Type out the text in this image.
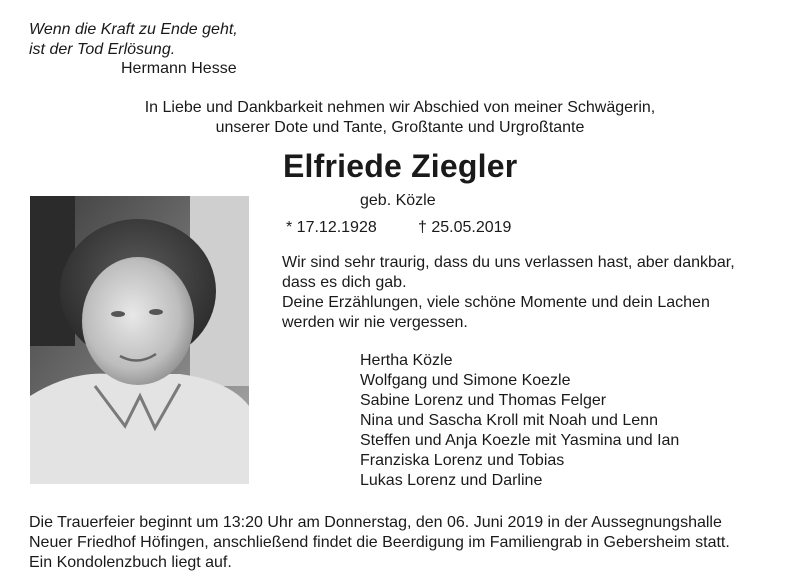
Wenn die Kraft zu Ende geht,
ist der Tod Erlösung.
Hermann Hesse
In Liebe und Dankbarkeit nehmen wir Abschied von meiner Schwägerin,
unserer Dote und Tante, Großtante und Urgroßtante
Elfriede Ziegler
geb. Közle
* 17.12.1928	† 25.05.2019
Wir sind sehr traurig, dass du uns verlassen hast, aber dankbar,
dass es dich gab.
Deine Erzählungen, viele schöne Momente und dein Lachen
werden wir nie vergessen.
Hertha Közle
Wolfgang und Simone Koezle
Sabine Lorenz und Thomas Felger
Nina und Sascha Kroll mit Noah und Lenn
Steffen und Anja Koezle mit Yasmina und Ian
Franziska Lorenz und Tobias
Lukas Lorenz und Darline
Die Trauerfeier beginnt um 13:20 Uhr am Donnerstag, den 06. Juni 2019 in der Aussegnungshalle
Neuer Friedhof Höfingen, anschließend findet die Beerdigung im Familiengrab in Gebersheim statt.
Ein Kondolenzbuch liegt auf.
